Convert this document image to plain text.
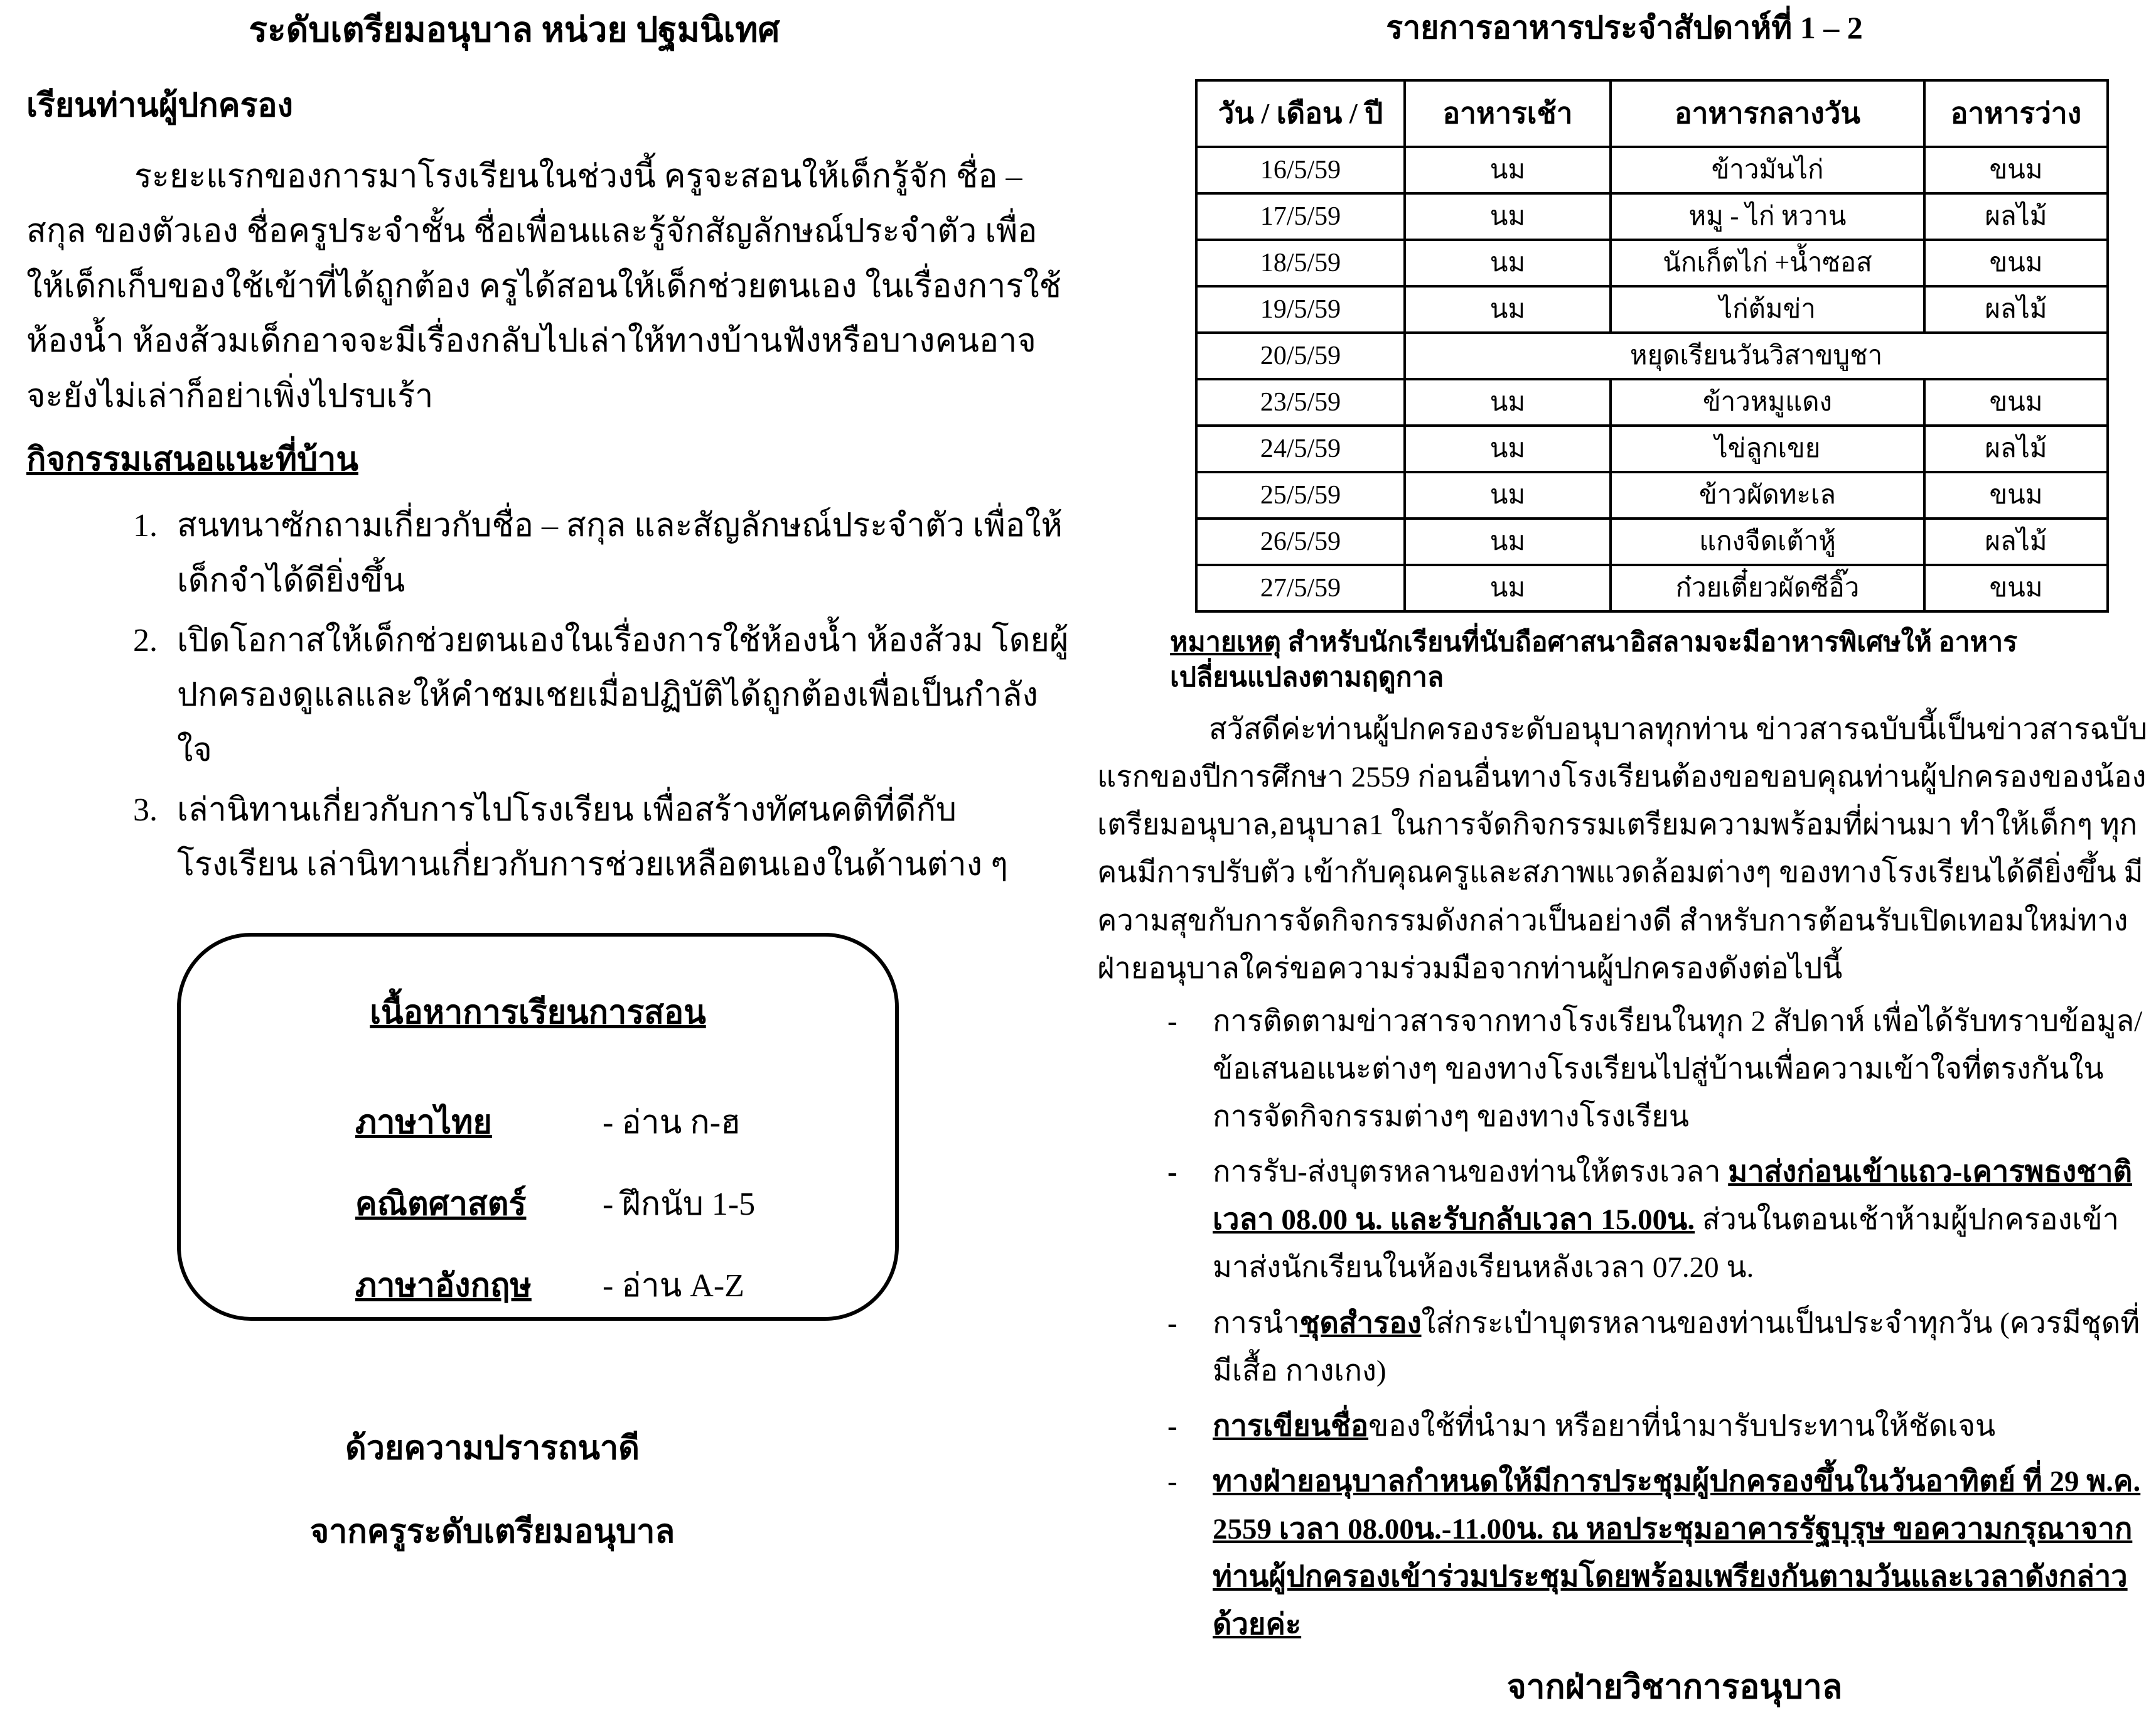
ระดับเตรียมอนุบาล หน่วย ปฐมนิเทศ
เรียนท่านผู้ปกครอง
ระยะแรกของการมาโรงเรียนในช่วงนี้ ครูจะสอนให้เด็กรู้จัก ชื่อ – สกุล ของตัวเอง ชื่อครูประจำชั้น ชื่อเพื่อนและรู้จักสัญลักษณ์ประจำตัว เพื่อให้เด็กเก็บของใช้เข้าที่ได้ถูกต้อง ครูได้สอนให้เด็กช่วยตนเอง ในเรื่องการใช้ห้องน้ำ ห้องส้วมเด็กอาจจะมีเรื่องกลับไปเล่าให้ทางบ้านฟังหรือบางคนอาจจะยังไม่เล่าก็อย่าเพิ่งไปรบเร้า
กิจกรรมเสนอแนะที่บ้าน
1. สนทนาซักถามเกี่ยวกับชื่อ – สกุล และสัญลักษณ์ประจำตัว เพื่อให้เด็กจำได้ดียิ่งขึ้น
2. เปิดโอกาสให้เด็กช่วยตนเองในเรื่องการใช้ห้องน้ำ ห้องส้วม โดยผู้ปกครองดูแลและให้คำชมเชยเมื่อปฏิบัติได้ถูกต้องเพื่อเป็นกำลังใจ
3. เล่านิทานเกี่ยวกับการไปโรงเรียน เพื่อสร้างทัศนคติที่ดีกับโรงเรียน เล่านิทานเกี่ยวกับการช่วยเหลือตนเองในด้านต่าง ๆ
เนื้อหาการเรียนการสอน
ภาษาไทย	- อ่าน ก-ฮ
คณิตศาสตร์ - ฝึกนับ 1-5
ภาษาอังกฤษ - อ่าน A-Z
ด้วยความปรารถนาดี
จากครูระดับเตรียมอนุบาล
รายการอาหารประจำสัปดาห์ที่ 1 – 2
วัน / เดือน / ปี	อาหารเช้า	อาหารกลางวัน	อาหารว่าง
16/5/59	นม	ข้าวมันไก่	ขนม
17/5/59	นม	หมู - ไก่ หวาน	ผลไม้
18/5/59	นม	นักเก็ตไก่ +น้ำซอส	ขนม
19/5/59	นม	ไก่ต้มข่า	ผลไม้
20/5/59	หยุดเรียนวันวิสาขบูชา		
23/5/59	นม	ข้าวหมูแดง	ขนม
24/5/59	นม	ไข่ลูกเขย	ผลไม้
25/5/59	นม	ข้าวผัดทะเล	ขนม
26/5/59	นม	แกงจืดเต้าหู้	ผลไม้
27/5/59	นม	ก๋วยเตี๋ยวผัดซีอิ๊ว	ขนม
หมายเหตุ สำหรับนักเรียนที่นับถือศาสนาอิสลามจะมีอาหารพิเศษให้ อาหารเปลี่ยนแปลงตามฤดูกาล
สวัสดีค่ะท่านผู้ปกครองระดับอนุบาลทุกท่าน ข่าวสารฉบับนี้เป็นข่าวสารฉบับแรกของปีการศึกษา 2559 ก่อนอื่นทางโรงเรียนต้องขอขอบคุณท่านผู้ปกครองของน้องเตรียมอนุบาล,อนุบาล1 ในการจัดกิจกรรมเตรียมความพร้อมที่ผ่านมา ทำให้เด็กๆ ทุกคนมีการปรับตัว เข้ากับคุณครูและสภาพแวดล้อมต่างๆ ของทางโรงเรียนได้ดียิ่งขึ้น มีความสุขกับการจัดกิจกรรมดังกล่าวเป็นอย่างดี สำหรับการต้อนรับเปิดเทอมใหม่ทางฝ่ายอนุบาลใคร่ขอความร่วมมือจากท่านผู้ปกครองดังต่อไปนี้
- การติดตามข่าวสารจากทางโรงเรียนในทุก 2 สัปดาห์ เพื่อได้รับทราบข้อมูล/ข้อเสนอแนะต่างๆ ของทางโรงเรียนไปสู่บ้านเพื่อความเข้าใจที่ตรงกันในการจัดกิจกรรมต่างๆ ของทางโรงเรียน
- การรับ-ส่งบุตรหลานของท่านให้ตรงเวลา มาส่งก่อนเข้าแถว-เคารพธงชาติ เวลา 08.00 น. และรับกลับเวลา 15.00น. ส่วนในตอนเช้าห้ามผู้ปกครองเข้ามาส่งนักเรียนในห้องเรียนหลังเวลา 07.20 น.
- การนำชุดสำรองใส่กระเป๋าบุตรหลานของท่านเป็นประจำทุกวัน (ควรมีชุดที่มีเสื้อ กางเกง)
- การเขียนชื่อของใช้ที่นำมา หรือยาที่นำมารับประทานให้ชัดเจน
- ทางฝ่ายอนุบาลกำหนดให้มีการประชุมผู้ปกครองขึ้นในวันอาทิตย์ ที่ 29 พ.ค. 2559 เวลา 08.00น.-11.00น. ณ หอประชุมอาคารรัฐบุรุษ ขอความกรุณาจากท่านผู้ปกครองเข้าร่วมประชุมโดยพร้อมเพรียงกันตามวันและเวลาดังกล่าวด้วยค่ะ
จากฝ่ายวิชาการอนุบาล
